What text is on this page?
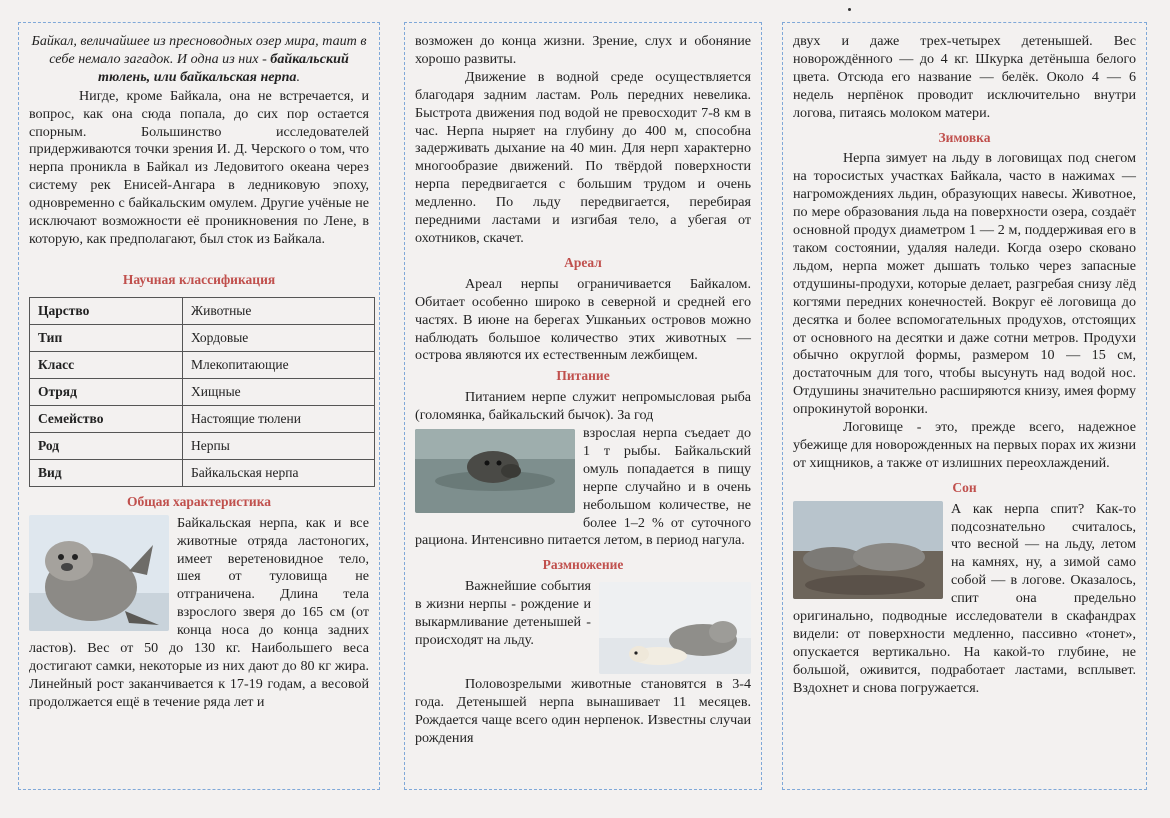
Байкал, величайшее из пресноводных озер мира, таит в себе немало загадок. И одна из них - байкальский тюлень, или байкальская нерпа.

Нигде, кроме Байкала, она не встречается, и вопрос, как она сюда попала, до сих пор остается спорным. Большинство исследователей придерживаются точки зрения И. Д. Черского о том, что нерпа проникла в Байкал из Ледовитого океана через систему рек Енисей-Ангара в ледниковую эпоху, одновременно с байкальским омулем. Другие учёные не исключают возможности её проникновения по Лене, в которую, как предполагают, был сток из Байкала.

Научная классификация
Царство	Животные
Тип	Хордовые
Класс	Млекопитающие
Отряд	Хищные
Семейство	Настоящие тюлени
Род	Нерпы
Вид	Байкальская нерпа
Общая характеристика

Байкальская нерпа, как и все животные отряда ластоногих, имеет веретеновидное тело, шея от туловища не отграничена. Длина тела взрослого зверя до 165 см (от конца носа до конца задних ластов). Вес от 50 до 130 кг. Наибольшего веса достигают самки, некоторые из них дают до 80 кг жира. Линейный рост заканчивается к 17-19 годам, а весовой продолжается ещё в течение ряда лет и

возможен до конца жизни. Зрение, слух и обоняние хорошо развиты.

Движение в водной среде осуществляется благодаря задним ластам. Роль передних невелика. Быстрота движения под водой не превосходит 7-8 км в час. Нерпа ныряет на глубину до 400 м, способна задерживать дыхание на 40 мин. Для нерп характерно многообразие движений. По твёрдой поверхности нерпа передвигается с большим трудом и очень медленно. По льду передвигается, перебирая передними ластами и изгибая тело, а убегая от охотников, скачет.

Ареал

Ареал нерпы ограничивается Байкалом. Обитает особенно широко в северной и средней его частях. В июне на берегах Ушканьих островов можно наблюдать большое количество этих животных — острова являются их естественным лежбищем.

Питание

Питанием нерпе служит непромысловая рыба (голомянка, байкальский бычок). За год

взрослая нерпа съедает до 1 т рыбы. Байкальский омуль попадается в пищу нерпе случайно и в очень небольшом количестве, не более 1–2 % от суточного рациона. Интенсивно питается летом, в период нагула.

Размножение

Важнейшие события в жизни нерпы - рождение и выкармливание детенышей - происходят на льду.

Половозрелыми животные становятся в 3-4 года. Детенышей нерпа вынашивает 11 месяцев. Рождается чаще всего один нерпенок. Известны случаи рождения

двух и даже трех-четырех детенышей. Вес новорождённого — до 4 кг. Шкурка детёныша белого цвета. Отсюда его название — белёк. Около 4 — 6 недель нерпёнок проводит исключительно внутри логова, питаясь молоком матери.

Зимовка

Нерпа зимует на льду в логовищах под снегом на торосистых участках Байкала, часто в нажимах — нагромождениях льдин, образующих навесы. Животное, по мере образования льда на поверхности озера, создаёт основной продух диаметром 1 — 2 м, поддерживая его в таком состоянии, удаляя наледи. Когда озеро сковано льдом, нерпа может дышать только через запасные отдушины-продухи, которые делает, разгребая снизу лёд когтями передних конечностей. Вокруг её логовища до десятка и более вспомогательных продухов, отстоящих от основного на десятки и даже сотни метров. Продухи обычно округлой формы, размером 10 — 15 см, достаточным для того, чтобы высунуть над водой нос. Отдушины значительно расширяются книзу, имея форму опрокинутой воронки.

Логовище - это, прежде всего, надежное убежище для новорожденных на первых порах их жизни от хищников, а также от излишних переохлаждений.

Сон

А как нерпа спит? Как-то подсознательно считалось, что весной — на льду, летом на камнях, ну, а зимой само собой — в логове. Оказалось, спит она предельно оригинально, подводные исследователи в скафандрах видели: от поверхности медленно, пассивно «тонет», опускается вертикально. На какой-то глубине, не большой, оживится, подработает ластами, всплывет. Вздохнет и снова погружается.
